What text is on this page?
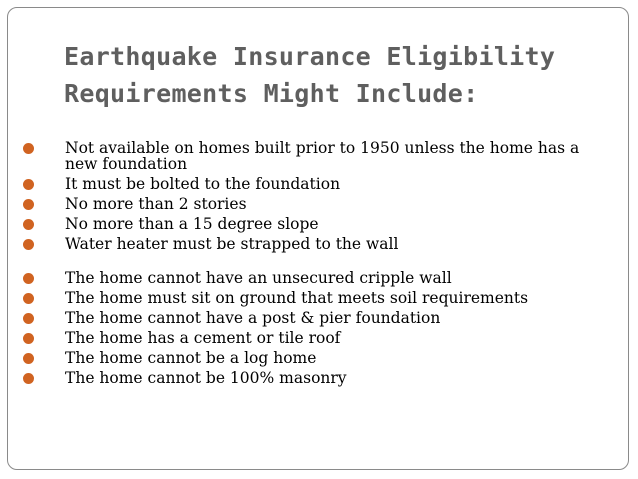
Earthquake Insurance Eligibility
Requirements Might Include:
Not available on homes built prior to 1950 unless the home has a new foundation
It must be bolted to the foundation
No more than 2 stories
No more than a 15 degree slope
Water heater must be strapped to the wall
The home cannot have an unsecured cripple wall
The home must sit on ground that meets soil requirements
The home cannot have a post & pier foundation
The home has a cement or tile roof
The home cannot be a log home
The home cannot be 100% masonry
